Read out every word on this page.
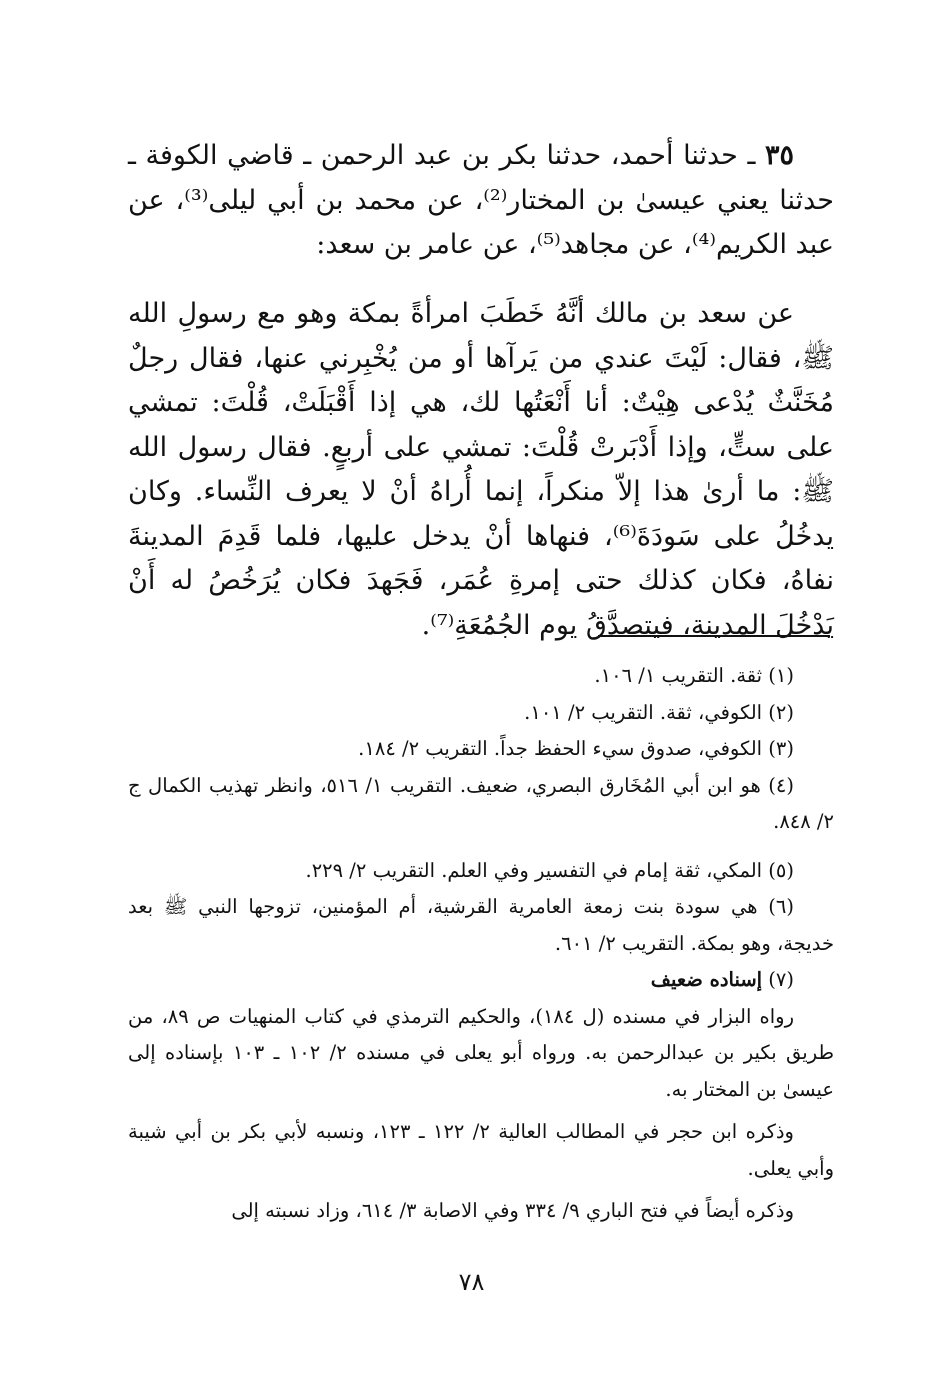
٣٥ ـ حدثنا أحمد، حدثنا بكر بن عبد الرحمن ـ قاضي الكوفة ـ حدثنا يعني عيسىٰ بن المختار⁽²⁾، عن محمد بن أبي ليلى⁽³⁾، عن عبد الكريم⁽⁴⁾، عن مجاهد⁽⁵⁾، عن عامر بن سعد:

عن سعد بن مالك أنَّهُ خَطَبَ امرأةً بمكة وهو مع رسولِ الله ﷺ، فقال: لَيْتَ عندي من يَرآها أو من يُخْبِرني عنها، فقال رجلٌ مُخَنَّثٌ يُدْعى هِيْتٌ: أنا أَنْعَتُها لك، هي إذا أَقْبَلَتْ، قُلْتَ: تمشي على ستٍّ، وإذا أَدْبَرتْ قُلْتَ: تمشي على أربعٍ. فقال رسول الله ﷺ: ما أرىٰ هذا إلاّ منكراً، إنما أُراهُ أنْ لا يعرف النِّساء. وكان يدخُلُ على سَودَةَ⁽⁶⁾، فنهاها أنْ يدخل عليها، فلما قَدِمَ المدينةَ نفاهُ، فكان كذلك حتى إمرةِ عُمَر، فَجَهدَ فكان يُرَخُصُ له أَنْ يَدْخُلَ المدينة، فيتصدَّقُ يوم الجُمُعَةِ⁽⁷⁾.

(١) ثقة. التقريب ١/ ١٠٦.

(٢) الكوفي، ثقة. التقريب ٢/ ١٠١.

(٣) الكوفي، صدوق سيء الحفظ جداً. التقريب ٢/ ١٨٤.

(٤) هو ابن أبي المُخَارق البصري، ضعيف. التقريب ١/ ٥١٦، وانظر تهذيب الكمال ج ٢/ ٨٤٨.

(٥) المكي، ثقة إمام في التفسير وفي العلم. التقريب ٢/ ٢٢٩.

(٦) هي سودة بنت زمعة العامرية القرشية، أم المؤمنين، تزوجها النبي ﷺ بعد خديجة، وهو بمكة. التقريب ٢/ ٦٠١.

(٧) إسناده ضعيف

رواه البزار في مسنده (ل ١٨٤)، والحكيم الترمذي في كتاب المنهيات ص ٨٩، من طريق بكير بن عبدالرحمن به. ورواه أبو يعلى في مسنده ٢/ ١٠٢ ـ ١٠٣ بإسناده إلى عيسىٰ بن المختار به.

وذكره ابن حجر في المطالب العالية ٢/ ١٢٢ ـ ١٢٣، ونسبه لأبي بكر بن أبي شيبة وأبي يعلى.

وذكره أيضاً في فتح الباري ٩/ ٣٣٤ وفي الاصابة ٣/ ٦١٤، وزاد نسبته إلى

٧٨
